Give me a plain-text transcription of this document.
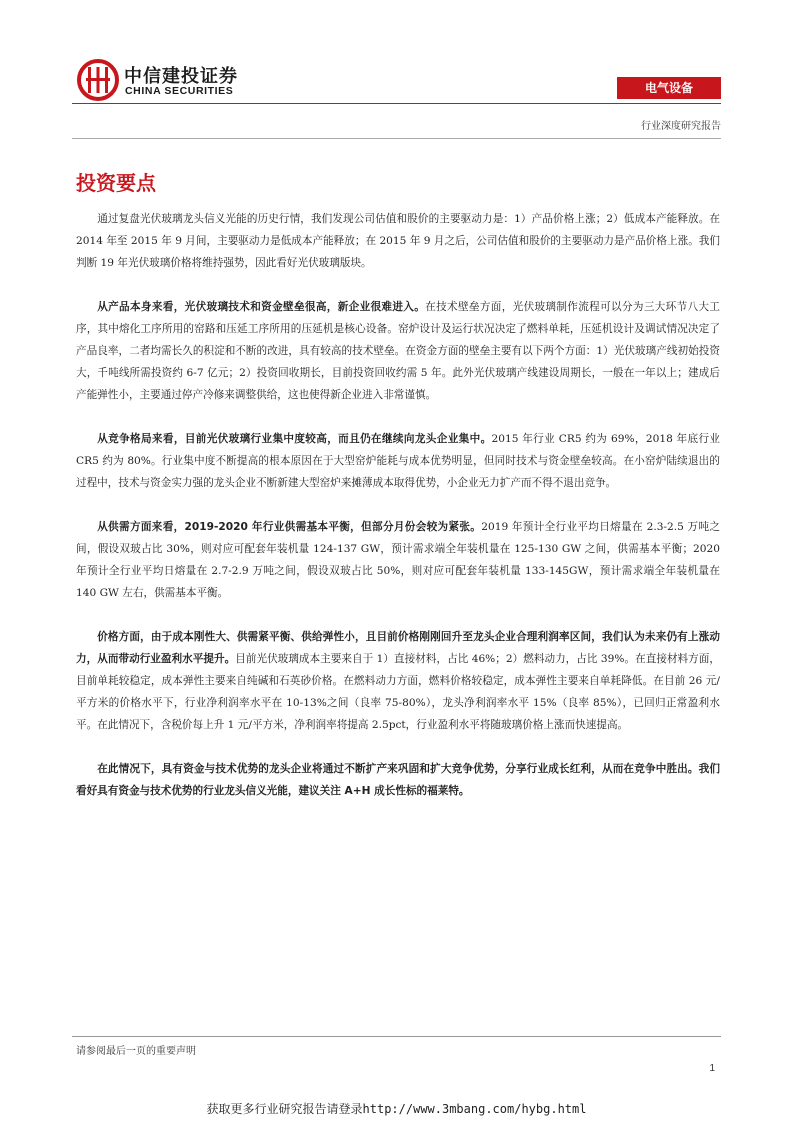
中信建投证券
CHINA SECURITIES	电气设备
行业深度研究报告
投资要点

通过复盘光伏玻璃龙头信义光能的历史行情，我们发现公司估值和股价的主要驱动力是：1）产品价格上涨；2）低成本产能释放。在 2014 年至 2015 年 9 月间，主要驱动力是低成本产能释放；在 2015 年 9 月之后，公司估值和股价的主要驱动力是产品价格上涨。我们判断 19 年光伏玻璃价格将维持强势，因此看好光伏玻璃版块。

从产品本身来看，光伏玻璃技术和资金壁垒很高，新企业很难进入。在技术壁垒方面，光伏玻璃制作流程可以分为三大环节八大工序，其中熔化工序所用的窑路和压延工序所用的压延机是核心设备。窑炉设计及运行状况决定了燃料单耗，压延机设计及调试情况决定了产品良率，二者均需长久的积淀和不断的改进，具有较高的技术壁垒。在资金方面的壁垒主要有以下两个方面：1）光伏玻璃产线初始投资大，千吨线所需投资约 6-7 亿元；2）投资回收期长，目前投资回收约需 5 年。此外光伏玻璃产线建设周期长，一般在一年以上；建成后产能弹性小，主要通过停产冷修来调整供给，这也使得新企业进入非常谨慎。

从竞争格局来看，目前光伏玻璃行业集中度较高，而且仍在继续向龙头企业集中。2015 年行业 CR5 约为 69%，2018 年底行业 CR5 约为 80%。行业集中度不断提高的根本原因在于大型窑炉能耗与成本优势明显，但同时技术与资金壁垒较高。在小窑炉陆续退出的过程中，技术与资金实力强的龙头企业不断新建大型窑炉来摊薄成本取得优势，小企业无力扩产而不得不退出竞争。

从供需方面来看，2019-2020 年行业供需基本平衡，但部分月份会较为紧张。2019 年预计全行业平均日熔量在 2.3-2.5 万吨之间，假设双玻占比 30%，则对应可配套年装机量 124-137 GW，预计需求端全年装机量在 125-130 GW 之间，供需基本平衡；2020 年预计全行业平均日熔量在 2.7-2.9 万吨之间，假设双玻占比 50%，则对应可配套年装机量 133-145GW，预计需求端全年装机量在 140 GW 左右，供需基本平衡。

价格方面，由于成本刚性大、供需紧平衡、供给弹性小，且目前价格刚刚回升至龙头企业合理利润率区间，我们认为未来仍有上涨动力，从而带动行业盈利水平提升。目前光伏玻璃成本主要来自于 1）直接材料，占比 46%；2）燃料动力，占比 39%。在直接材料方面，目前单耗较稳定，成本弹性主要来自纯碱和石英砂价格。在燃料动力方面，燃料价格较稳定，成本弹性主要来自单耗降低。在目前 26 元/平方米的价格水平下，行业净利润率水平在 10-13%之间（良率 75-80%），龙头净利润率水平 15%（良率 85%），已回归正常盈利水平。在此情况下，含税价每上升 1 元/平方米，净利润率将提高 2.5pct，行业盈利水平将随玻璃价格上涨而快速提高。

在此情况下，具有资金与技术优势的龙头企业将通过不断扩产来巩固和扩大竞争优势，分享行业成长红利，从而在竞争中胜出。我们看好具有资金与技术优势的行业龙头信义光能，建议关注 A+H 成长性标的福莱特。

请参阅最后一页的重要声明
1
获取更多行业研究报告请登录http://www.3mbang.com/hybg.html
